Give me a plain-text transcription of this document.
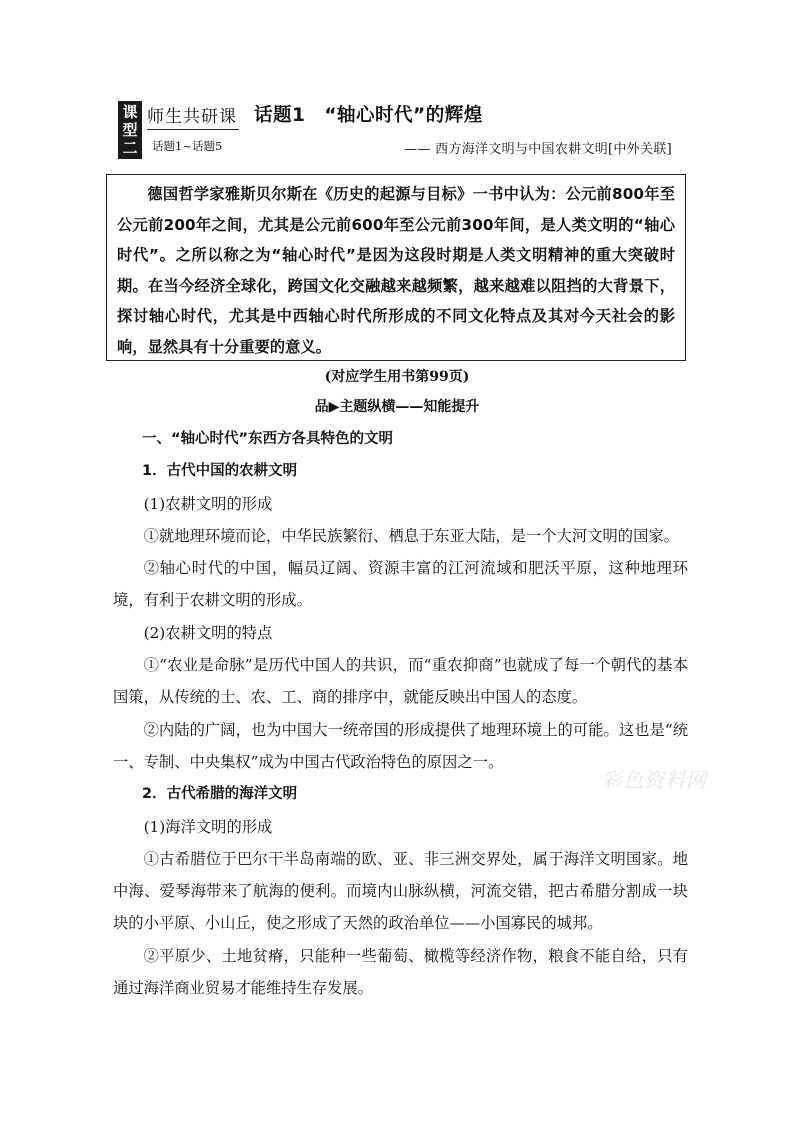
课
型
二
师生共研课
话题1~话题5
话题1　“轴心时代”的辉煌
—— 西方海洋文明与中国农耕文明[中外关联]

德国哲学家雅斯贝尔斯在《历史的起源与目标》一书中认为：公元前800年至公元前200年之间，尤其是公元前600年至公元前300年间，是人类文明的“轴心时代”。之所以称之为“轴心时代”是因为这段时期是人类文明精神的重大突破时期。在当今经济全球化，跨国文化交融越来越频繁，越来越难以阻挡的大背景下，探讨轴心时代，尤其是中西轴心时代所形成的不同文化特点及其对今天社会的影响，显然具有十分重要的意义。

(对应学生用书第99页)
品▶主题纵横——知能提升

一、“轴心时代”东西方各具特色的文明

1．古代中国的农耕文明

(1)农耕文明的形成

①就地理环境而论，中华民族繁衍、栖息于东亚大陆，是一个大河文明的国家。

②轴心时代的中国，幅员辽阔、资源丰富的江河流域和肥沃平原，这种地理环境，有利于农耕文明的形成。

(2)农耕文明的特点

①“农业是命脉”是历代中国人的共识，而“重农抑商”也就成了每一个朝代的基本国策，从传统的士、农、工、商的排序中，就能反映出中国人的态度。

②内陆的广阔，也为中国大一统帝国的形成提供了地理环境上的可能。这也是“统一、专制、中央集权”成为中国古代政治特色的原因之一。

2．古代希腊的海洋文明

(1)海洋文明的形成

①古希腊位于巴尔干半岛南端的欧、亚、非三洲交界处，属于海洋文明国家。地中海、爱琴海带来了航海的便利。而境内山脉纵横，河流交错，把古希腊分割成一块块的小平原、小山丘，使之形成了天然的政治单位——小国寡民的城邦。

②平原少、土地贫瘠，只能种一些葡萄、橄榄等经济作物，粮食不能自给，只有通过海洋商业贸易才能维持生存发展。

彩色资料网
